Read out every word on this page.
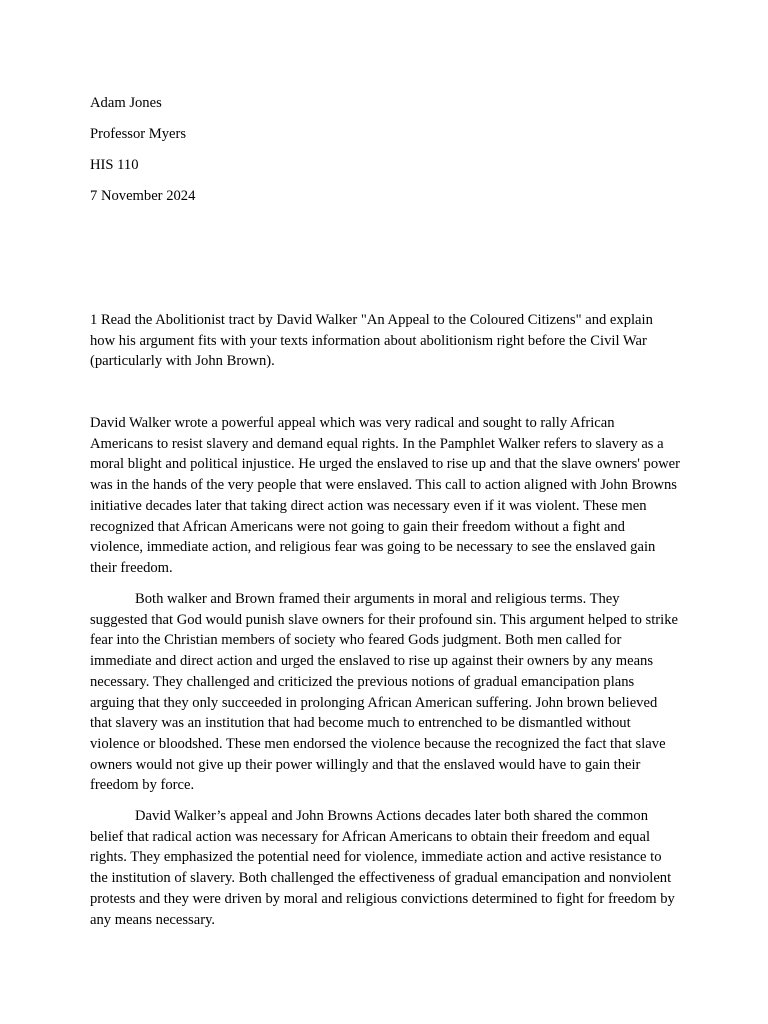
Adam Jones

Professor Myers

HIS 110

7 November 2024

1 Read the Abolitionist tract by David Walker "An Appeal to the Coloured Citizens" and explain how his argument fits with your texts information about abolitionism right before the Civil War (particularly with John Brown).

David Walker wrote a powerful appeal which was very radical and sought to rally African Americans to resist slavery and demand equal rights. In the Pamphlet Walker refers to slavery as a moral blight and political injustice. He urged the enslaved to rise up and that the slave owners' power was in the hands of the very people that were enslaved. This call to action aligned with John Browns initiative decades later that taking direct action was necessary even if it was violent. These men recognized that African Americans were not going to gain their freedom without a fight and violence, immediate action, and religious fear was going to be necessary to see the enslaved gain their freedom.

Both walker and Brown framed their arguments in moral and religious terms. They suggested that God would punish slave owners for their profound sin. This argument helped to strike fear into the Christian members of society who feared Gods judgment. Both men called for immediate and direct action and urged the enslaved to rise up against their owners by any means necessary. They challenged and criticized the previous notions of gradual emancipation plans arguing that they only succeeded in prolonging African American suffering. John brown believed that slavery was an institution that had become much to entrenched to be dismantled without violence or bloodshed. These men endorsed the violence because the recognized the fact that slave owners would not give up their power willingly and that the enslaved would have to gain their freedom by force.

David Walker’s appeal and John Browns Actions decades later both shared the common belief that radical action was necessary for African Americans to obtain their freedom and equal rights. They emphasized the potential need for violence, immediate action and active resistance to the institution of slavery. Both challenged the effectiveness of gradual emancipation and nonviolent protests and they were driven by moral and religious convictions determined to fight for freedom by any means necessary.
